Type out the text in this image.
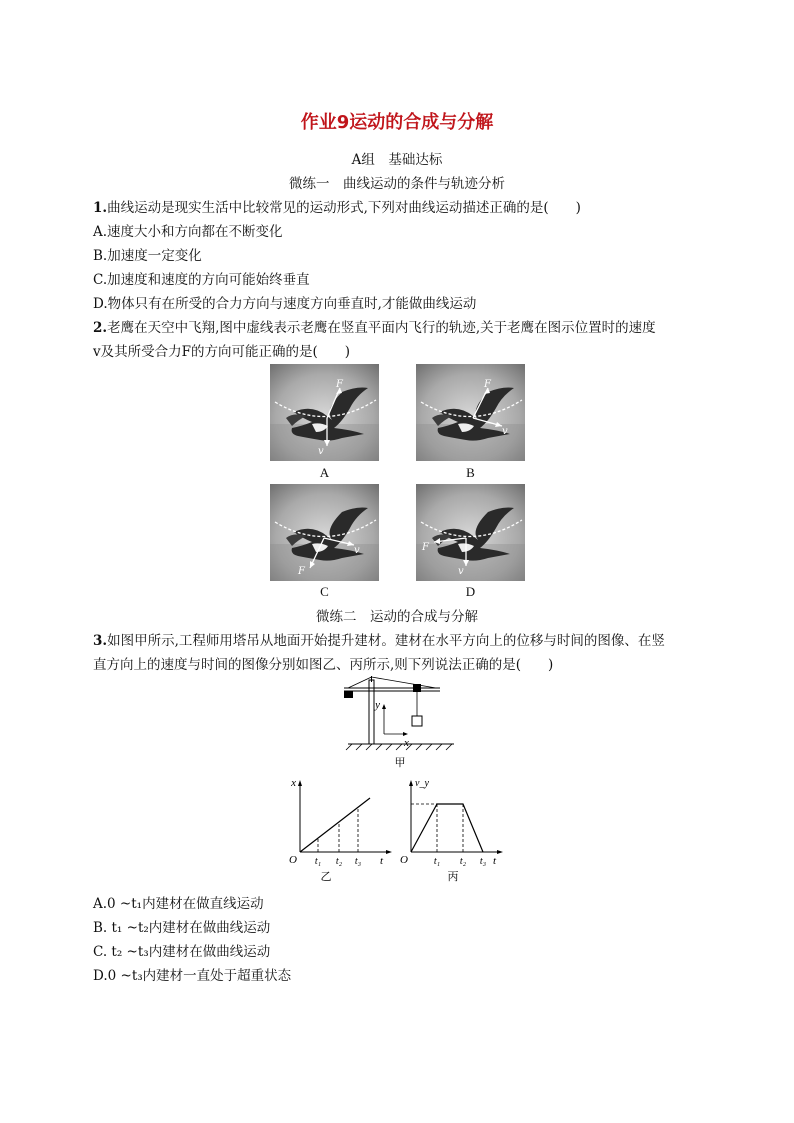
作业9运动的合成与分解
A组　基础达标
微练一　曲线运动的条件与轨迹分析
1.曲线运动是现实生活中比较常见的运动形式,下列对曲线运动描述正确的是(　　)
A.速度大小和方向都在不断变化
B.加速度一定变化
C.加速度和速度的方向可能始终垂直
D.物体只有在所受的合力方向与速度方向垂直时,才能做曲线运动
2.老鹰在天空中飞翔,图中虚线表示老鹰在竖直平面内飞行的轨迹,关于老鹰在图示位置时的速度
v及其所受合力F的方向可能正确的是(　　)
F
v
A
F
v
B
v
F
C
F
v
D
微练二　运动的合成与分解
3.如图甲所示,工程师用塔吊从地面开始提升建材。建材在水平方向上的位移与时间的图像、在竖
直方向上的速度与时间的图像分别如图乙、丙所示,则下列说法正确的是(　　)
y
x
甲
x
t
O t₁ t₂ t₃
乙
v_y
t
O	t₁ t₂ t₃
丙
A.0 ~t₁内建材在做直线运动
B. t₁ ~t₂内建材在做曲线运动
C. t₂ ~t₃内建材在做曲线运动
D.0 ~t₃内建材一直处于超重状态
